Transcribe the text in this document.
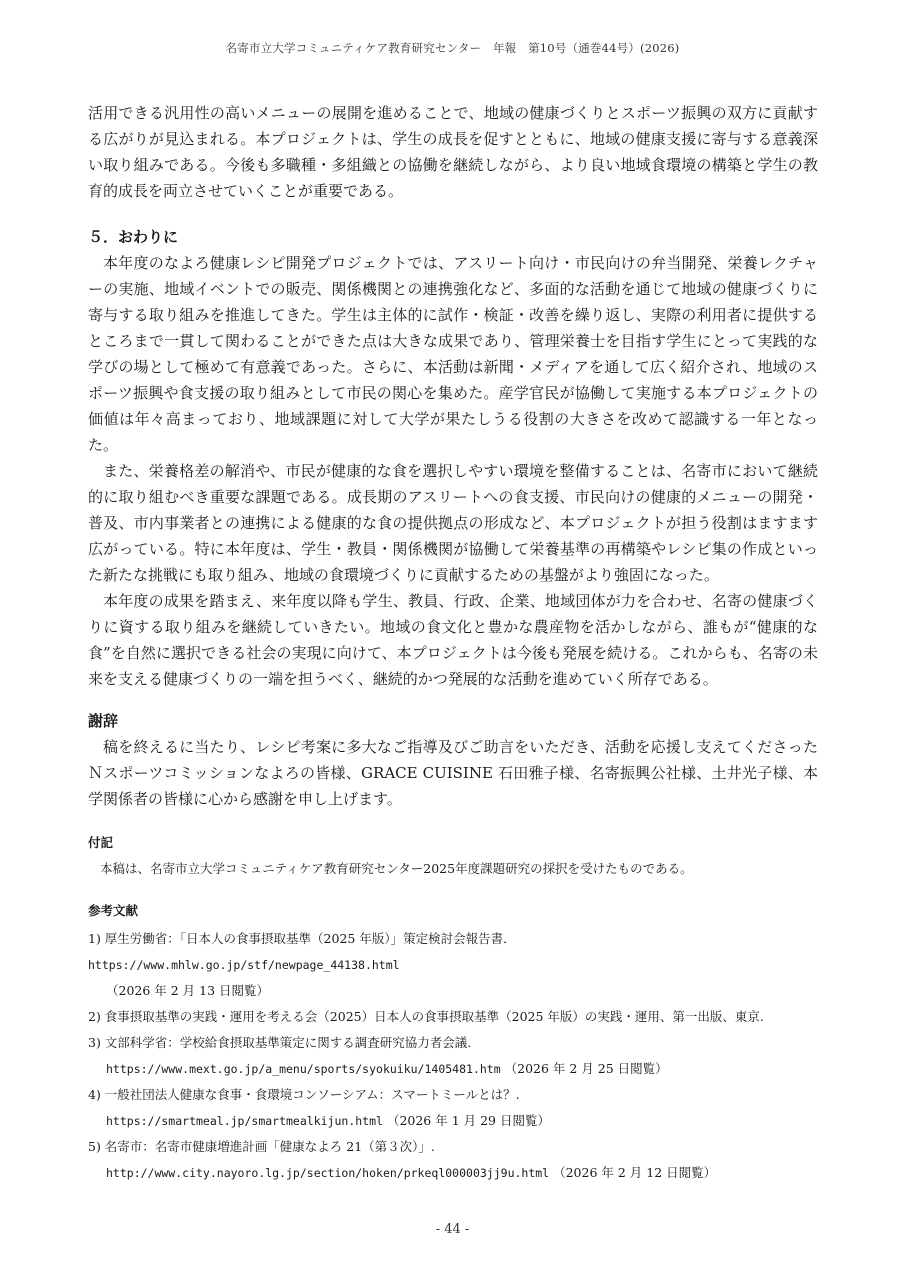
名寄市立大学コミュニティケア教育研究センター　年報　第10号（通巻44号）(2026)

活用できる汎用性の高いメニューの展開を進めることで、地域の健康づくりとスポーツ振興の双方に貢献する広がりが見込まれる。本プロジェクトは、学生の成長を促すとともに、地域の健康支援に寄与する意義深い取り組みである。今後も多職種・多組織との協働を継続しながら、より良い地域食環境の構築と学生の教育的成長を両立させていくことが重要である。

５．おわりに

本年度のなよろ健康レシピ開発プロジェクトでは、アスリート向け・市民向けの弁当開発、栄養レクチャーの実施、地域イベントでの販売、関係機関との連携強化など、多面的な活動を通じて地域の健康づくりに寄与する取り組みを推進してきた。学生は主体的に試作・検証・改善を繰り返し、実際の利用者に提供するところまで一貫して関わることができた点は大きな成果であり、管理栄養士を目指す学生にとって実践的な学びの場として極めて有意義であった。さらに、本活動は新聞・メディアを通して広く紹介され、地域のスポーツ振興や食支援の取り組みとして市民の関心を集めた。産学官民が協働して実施する本プロジェクトの価値は年々高まっており、地域課題に対して大学が果たしうる役割の大きさを改めて認識する一年となった。

また、栄養格差の解消や、市民が健康的な食を選択しやすい環境を整備することは、名寄市において継続的に取り組むべき重要な課題である。成長期のアスリートへの食支援、市民向けの健康的メニューの開発・普及、市内事業者との連携による健康的な食の提供拠点の形成など、本プロジェクトが担う役割はますます広がっている。特に本年度は、学生・教員・関係機関が協働して栄養基準の再構築やレシピ集の作成といった新たな挑戦にも取り組み、地域の食環境づくりに貢献するための基盤がより強固になった。

本年度の成果を踏まえ、来年度以降も学生、教員、行政、企業、地域団体が力を合わせ、名寄の健康づくりに資する取り組みを継続していきたい。地域の食文化と豊かな農産物を活かしながら、誰もが“健康的な食”を自然に選択できる社会の実現に向けて、本プロジェクトは今後も発展を続ける。これからも、名寄の未来を支える健康づくりの一端を担うべく、継続的かつ発展的な活動を進めていく所存である。

謝辞

稿を終えるに当たり、レシピ考案に多大なご指導及びご助言をいただき、活動を応援し支えてくださったＮスポーツコミッションなよろの皆様、GRACE CUISINE 石田雅子様、名寄振興公社様、土井光子様、本学関係者の皆様に心から感謝を申し上げます。

付記

本稿は、名寄市立大学コミュニティケア教育研究センター2025年度課題研究の採択を受けたものである。

参考文献
1) 厚生労働省：「日本人の食事摂取基準（2025 年版）」策定検討会報告書． https://www.mhlw.go.jp/stf/newpage_44138.html
（2026 年 2 月 13 日閲覧）
2) 食事摂取基準の実践・運用を考える会（2025）日本人の食事摂取基準（2025 年版）の実践・運用、第一出版、東京.
3) 文部科学省：学校給食摂取基準策定に関する調査研究協力者会議.
https://www.mext.go.jp/a_menu/sports/syokuiku/1405481.htm （2026 年 2 月 25 日閲覧）
4) 一般社団法人健康な食事・食環境コンソーシアム：スマートミールとは？.
https://smartmeal.jp/smartmealkijun.html （2026 年 1 月 29 日閲覧）
5) 名寄市：名寄市健康増進計画「健康なよろ 21（第３次）」.
http://www.city.nayoro.lg.jp/section/hoken/prkeql000003jj9u.html （2026 年 2 月 12 日閲覧）
- 44 -
